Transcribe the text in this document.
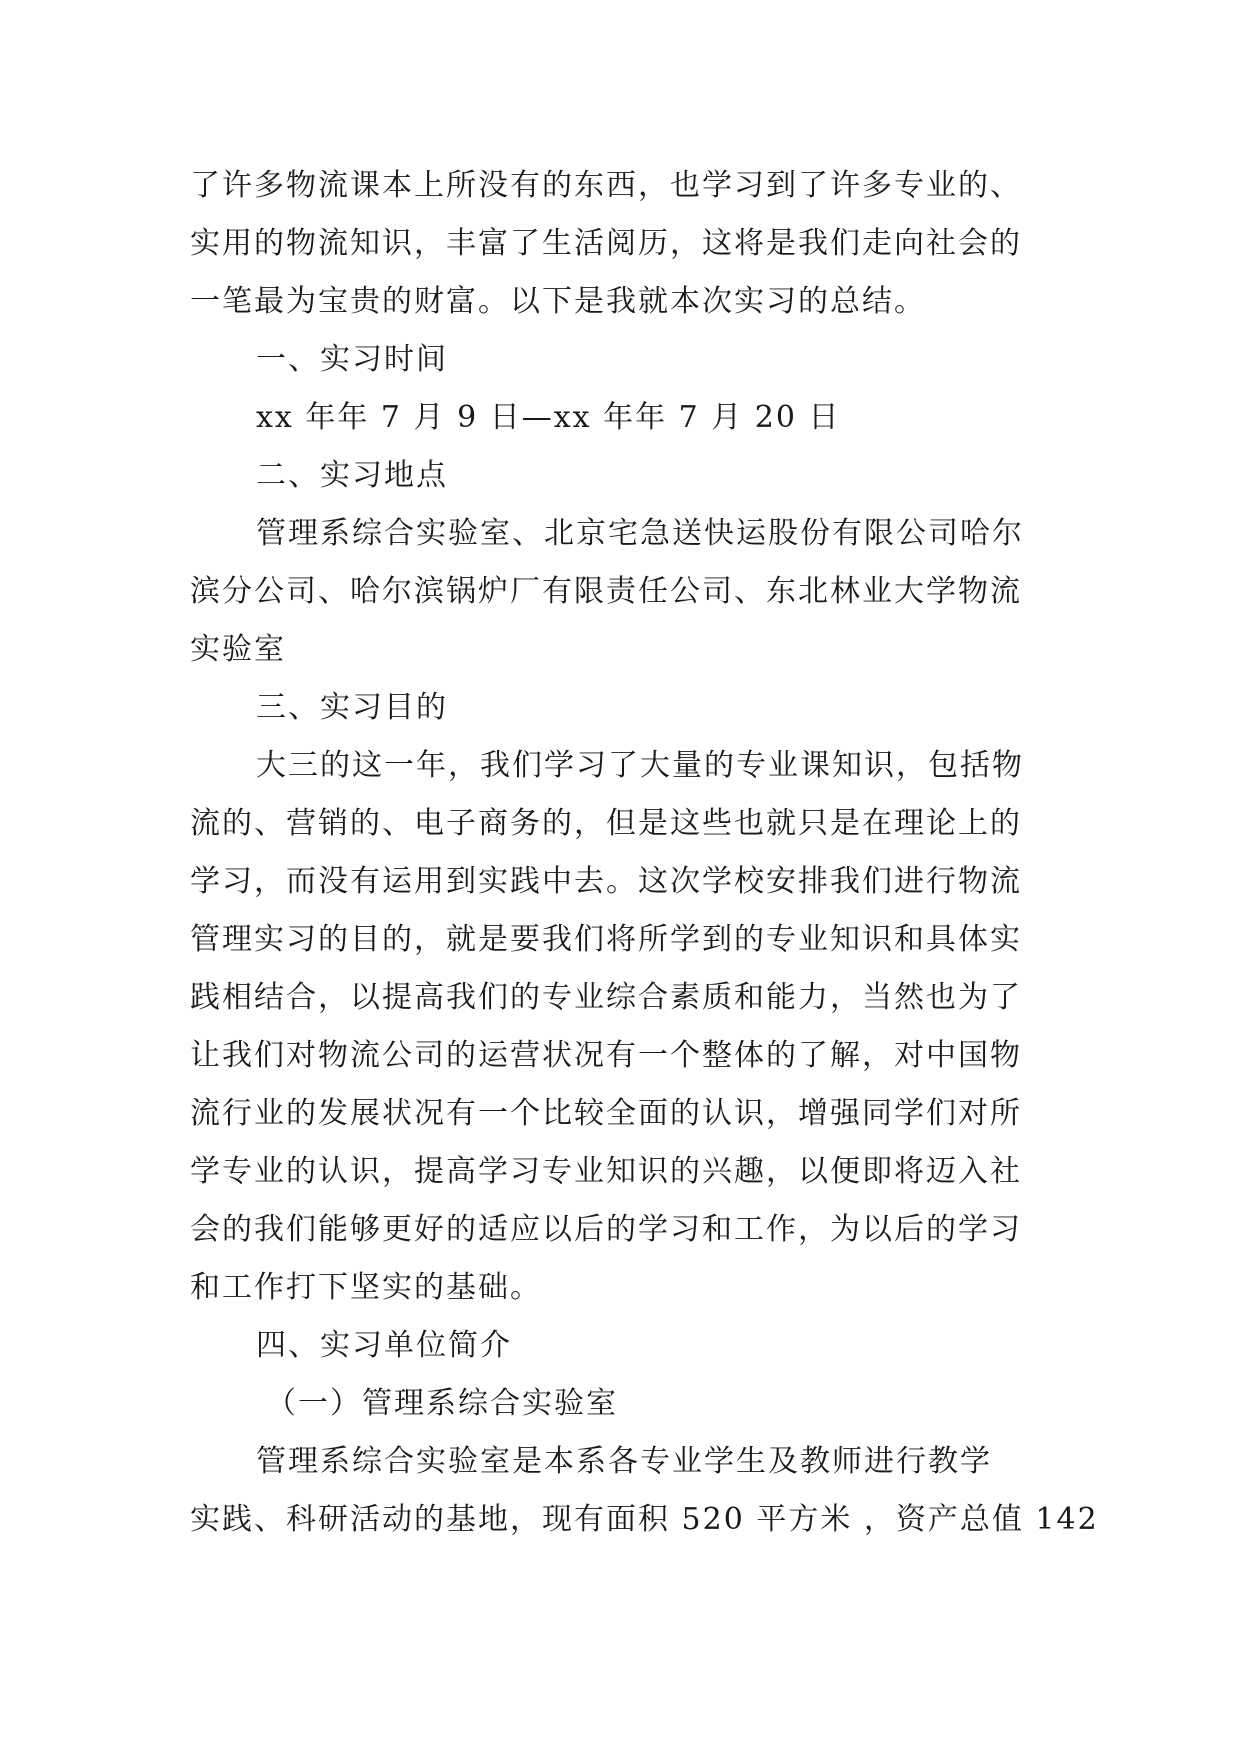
了许多物流课本上所没有的东西，也学习到了许多专业的、
实用的物流知识，丰富了生活阅历，这将是我们走向社会的
一笔最为宝贵的财富。以下是我就本次实习的总结。
一、实习时间
xx 年年 7 月 9 日—xx 年年 7 月 20 日
二、实习地点
管理系综合实验室、北京宅急送快运股份有限公司哈尔
滨分公司、哈尔滨锅炉厂有限责任公司、东北林业大学物流
实验室
三、实习目的
大三的这一年，我们学习了大量的专业课知识，包括物
流的、营销的、电子商务的，但是这些也就只是在理论上的
学习，而没有运用到实践中去。这次学校安排我们进行物流
管理实习的目的，就是要我们将所学到的专业知识和具体实
践相结合，以提高我们的专业综合素质和能力，当然也为了
让我们对物流公司的运营状况有一个整体的了解，对中国物
流行业的发展状况有一个比较全面的认识，增强同学们对所
学专业的认识，提高学习专业知识的兴趣，以便即将迈入社
会的我们能够更好的适应以后的学习和工作，为以后的学习
和工作打下坚实的基础。
四、实习单位简介
（一）管理系综合实验室
管理系综合实验室是本系各专业学生及教师进行教学
实践、科研活动的基地，现有面积 520 平方米 ，资产总值 142
